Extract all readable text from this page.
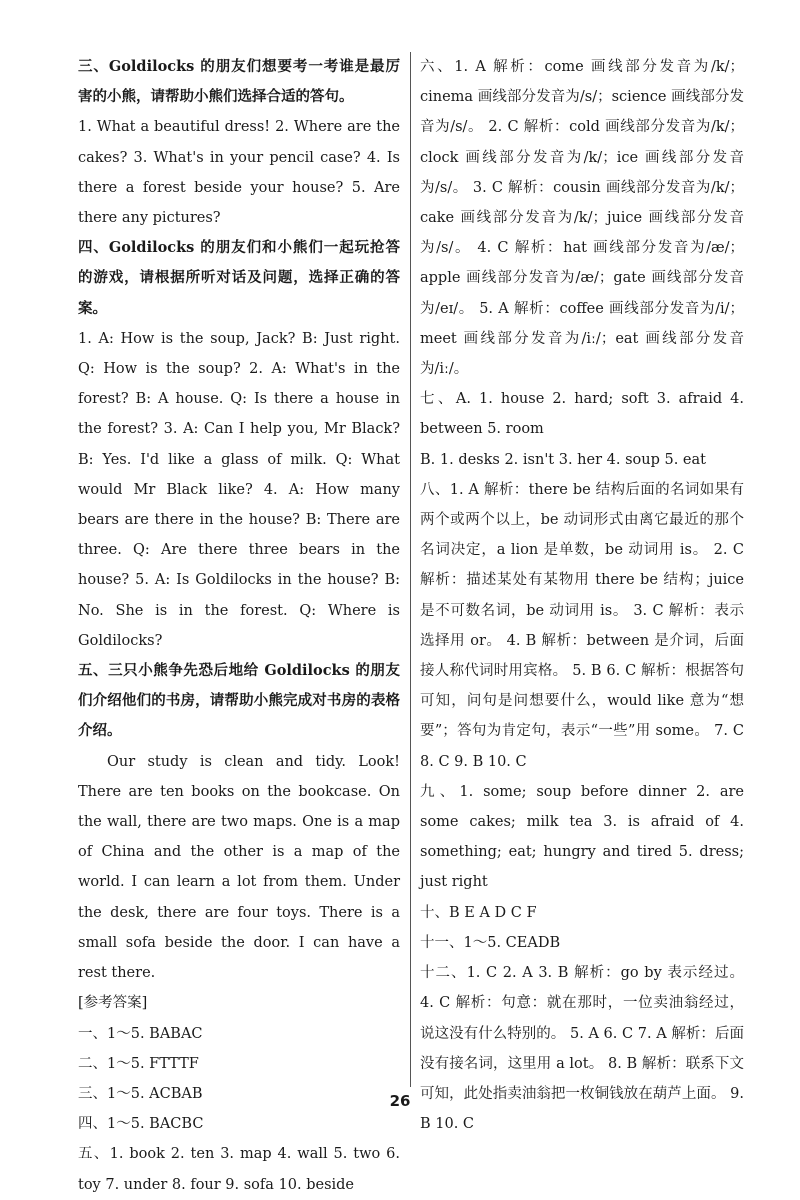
三、Goldilocks 的朋友们想要考一考谁是最厉害的小熊，请帮助小熊们选择合适的答句。

1. What a beautiful dress! 2. Where are the cakes? 3. What's in your pencil case? 4. Is there a forest beside your house? 5. Are there any pictures?

四、Goldilocks 的朋友们和小熊们一起玩抢答的游戏，请根据所听对话及问题，选择正确的答案。

1. A: How is the soup, Jack? B: Just right. Q: How is the soup? 2. A: What's in the forest? B: A house. Q: Is there a house in the forest? 3. A: Can I help you, Mr Black? B: Yes. I'd like a glass of milk. Q: What would Mr Black like? 4. A: How many bears are there in the house? B: There are three. Q: Are there three bears in the house? 5. A: Is Goldilocks in the house? B: No. She is in the forest. Q: Where is Goldilocks?

五、三只小熊争先恐后地给 Goldilocks 的朋友们介绍他们的书房，请帮助小熊完成对书房的表格介绍。

Our study is clean and tidy. Look! There are ten books on the bookcase. On the wall, there are two maps. One is a map of China and the other is a map of the world. I can learn a lot from them. Under the desk, there are four toys. There is a small sofa beside the door. I can have a rest there.

[参考答案]

一、1～5. BABAC

二、1～5. FTTTF

三、1～5. ACBAB

四、1～5. BACBC

五、1. book 2. ten 3. map 4. wall 5. two 6. toy 7. under 8. four 9. sofa 10. beside

六、1. A 解析：come 画线部分发音为/k/；cinema 画线部分发音为/s/；science 画线部分发音为/s/。 2. C 解析：cold 画线部分发音为/k/；clock 画线部分发音为/k/；ice 画线部分发音为/s/。 3. C 解析：cousin 画线部分发音为/k/；cake 画线部分发音为/k/；juice 画线部分发音为/s/。 4. C 解析：hat 画线部分发音为/æ/；apple 画线部分发音为/æ/；gate 画线部分发音为/eɪ/。 5. A 解析：coffee 画线部分发音为/i/；meet 画线部分发音为/iː/；eat 画线部分发音为/iː/。

七、A. 1. house 2. hard; soft 3. afraid 4. between 5. room

B. 1. desks 2. isn't 3. her 4. soup 5. eat

八、1. A 解析：there be 结构后面的名词如果有两个或两个以上，be 动词形式由离它最近的那个名词决定，a lion 是单数，be 动词用 is。 2. C 解析：描述某处有某物用 there be 结构；juice 是不可数名词，be 动词用 is。 3. C 解析：表示选择用 or。 4. B 解析：between 是介词，后面接人称代词时用宾格。 5. B 6. C 解析：根据答句可知，问句是问想要什么，would like 意为“想要”；答句为肯定句，表示“一些”用 some。 7. C 8. C 9. B 10. C

九、1. some; soup before dinner 2. are some cakes; milk tea 3. is afraid of 4. something; eat; hungry and tired 5. dress; just right

十、B E A D C F

十一、1～5. CEADB

十二、1. C 2. A 3. B 解析：go by 表示经过。 4. C 解析：句意：就在那时，一位卖油翁经过，说这没有什么特别的。 5. A 6. C 7. A 解析：后面没有接名词，这里用 a lot。 8. B 解析：联系下文可知，此处指卖油翁把一枚铜钱放在葫芦上面。 9. B 10. C

26
